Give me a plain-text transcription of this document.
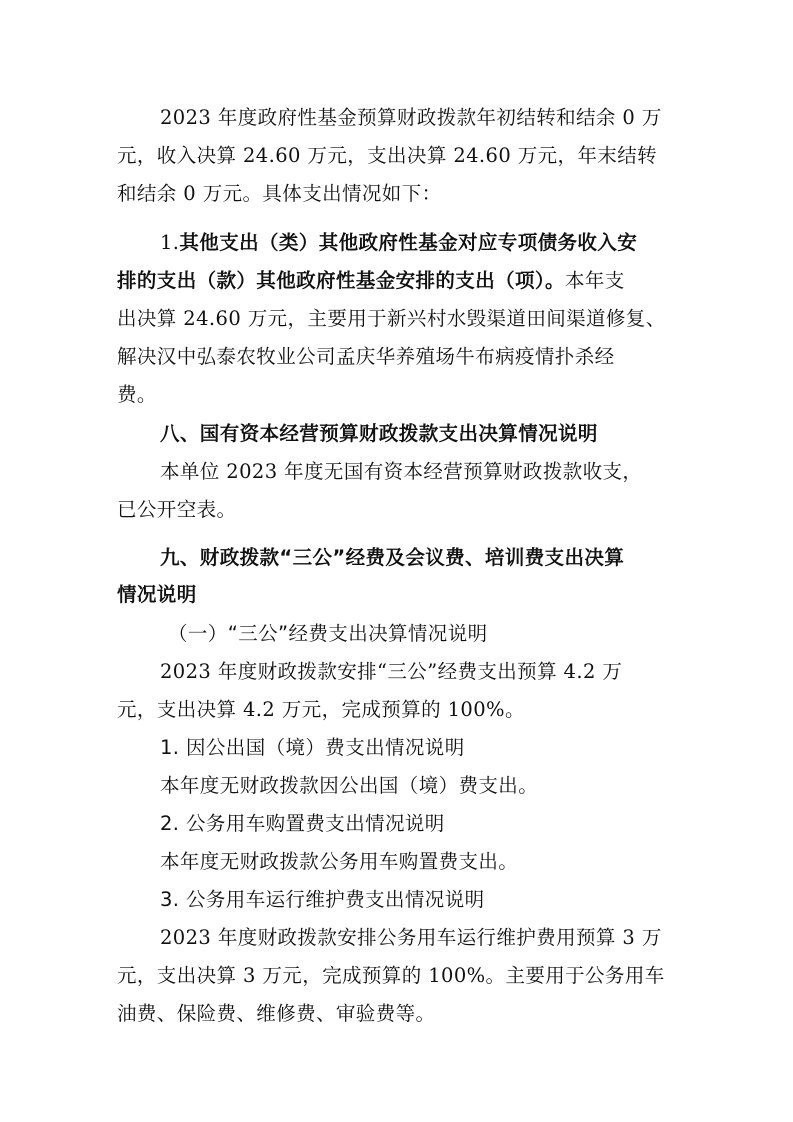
2023 年度政府性基金预算财政拨款年初结转和结余 0 万
元，收入决算 24.60 万元，支出决算 24.60 万元，年末结转
和结余 0 万元。具体支出情况如下：
1.其他支出（类）其他政府性基金对应专项债务收入安
排的支出（款）其他政府性基金安排的支出（项）。本年支
出决算 24.60 万元，主要用于新兴村水毁渠道田间渠道修复、
解决汉中弘泰农牧业公司孟庆华养殖场牛布病疫情扑杀经
费。
八、国有资本经营预算财政拨款支出决算情况说明
本单位 2023 年度无国有资本经营预算财政拨款收支，
已公开空表。
九、财政拨款“三公”经费及会议费、培训费支出决算
情况说明
（一）“三公”经费支出决算情况说明
2023 年度财政拨款安排“三公”经费支出预算 4.2 万
元，支出决算 4.2 万元，完成预算的 100%。
1. 因公出国（境）费支出情况说明
本年度无财政拨款因公出国（境）费支出。
2. 公务用车购置费支出情况说明
本年度无财政拨款公务用车购置费支出。
3. 公务用车运行维护费支出情况说明
2023 年度财政拨款安排公务用车运行维护费用预算 3 万
元，支出决算 3 万元，完成预算的 100%。主要用于公务用车
油费、保险费、维修费、审验费等。
